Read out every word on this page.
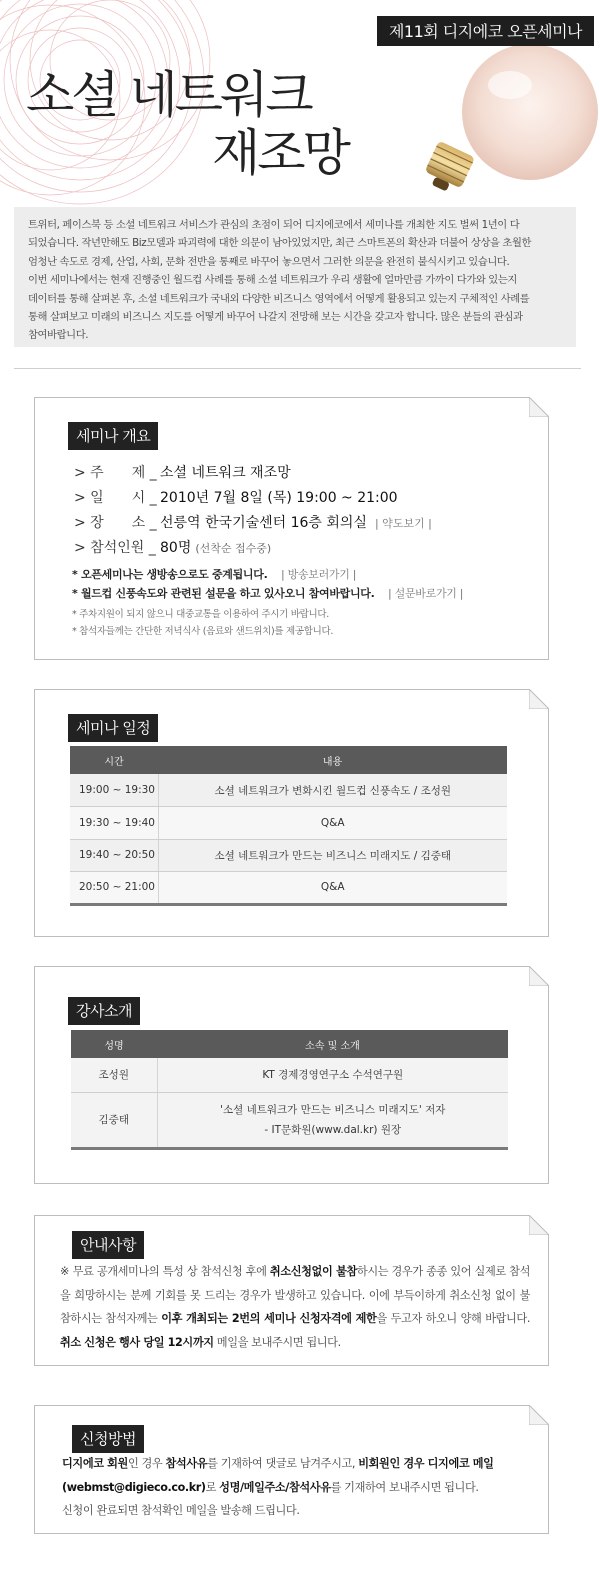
제11회 디지에코 오픈세미나
소셜 네트워크
재조망
트위터, 페이스북 등 소셜 네트워크 서비스가 관심의 초점이 되어 디지에코에서 세미나를 개최한 지도 벌써 1년이 다
되었습니다. 작년만해도 Biz모델과 파괴력에 대한 의문이 남아있었지만, 최근 스마트폰의 확산과 더불어 상상을 초월한
엄청난 속도로 경제, 산업, 사회, 문화 전반을 통째로 바꾸어 놓으면서 그러한 의문을 완전히 불식시키고 있습니다.
이번 세미나에서는 현재 진행중인 월드컵 사례를 통해 소셜 네트워크가 우리 생활에 얼마만큼 가까이 다가와 있는지
데이터를 통해 살펴본 후, 소셜 네트워크가 국내외 다양한 비즈니스 영역에서 어떻게 활용되고 있는지 구체적인 사례를
통해 살펴보고 미래의 비즈니스 지도를 어떻게 바꾸어 나갈지 전망해 보는 시간을 갖고자 합니다. 많은 분들의 관심과
참여바랍니다.
세미나 개요
> 주　　제 _ 소셜 네트워크 재조망
> 일　　시 _ 2010년 7월 8일 (목) 19:00 ~ 21:00
> 장　　소 _ 선릉역 한국기술센터 16층 회의실 | 약도보기 |
> 참석인원 _ 80명 (선착순 접수중)
* 오픈세미나는 생방송으로도 중계됩니다. | 방송보러가기 |
* 월드컵 신풍속도와 관련된 설문을 하고 있사오니 참여바랍니다. | 설문바로가기 |
* 주차지원이 되지 않으니 대중교통을 이용하여 주시기 바랍니다.
* 참석자들께는 간단한 저녁식사 (음료와 샌드위치)를 제공합니다.
세미나 일정
시간	내용
19:00 ~ 19:30	소셜 네트워크가 변화시킨 월드컵 신풍속도 / 조성원
19:30 ~ 19:40	Q&A
19:40 ~ 20:50	소셜 네트워크가 만드는 비즈니스 미래지도 / 김중태
20:50 ~ 21:00	Q&A
강사소개
성명	소속 및 소개
조성원	KT 경제경영연구소 수석연구원

김중태	'소셜 네트워크가 만드는 비즈니스 미래지도' 저자
- IT문화원(www.dal.kr) 원장
안내사항
※ 무료 공개세미나의 특성 상 참석신청 후에 취소신청없이 불참하시는 경우가 종종 있어 실제로 참석을 희망하시는 분께 기회를 못 드리는 경우가 발생하고 있습니다. 이에 부득이하게 취소신청 없이 불참하시는 참석자께는 이후 개최되는 2번의 세미나 신청자격에 제한을 두고자 하오니 양해 바랍니다. 취소 신청은 행사 당일 12시까지 메일을 보내주시면 됩니다.
신청방법
디지에코 회원인 경우 참석사유를 기재하여 댓글로 남겨주시고, 비회원인 경우 디지에코 메일(webmst@digieco.co.kr)로 성명/메일주소/참석사유를 기재하여 보내주시면 됩니다.
신청이 완료되면 참석확인 메일을 발송해 드립니다.
